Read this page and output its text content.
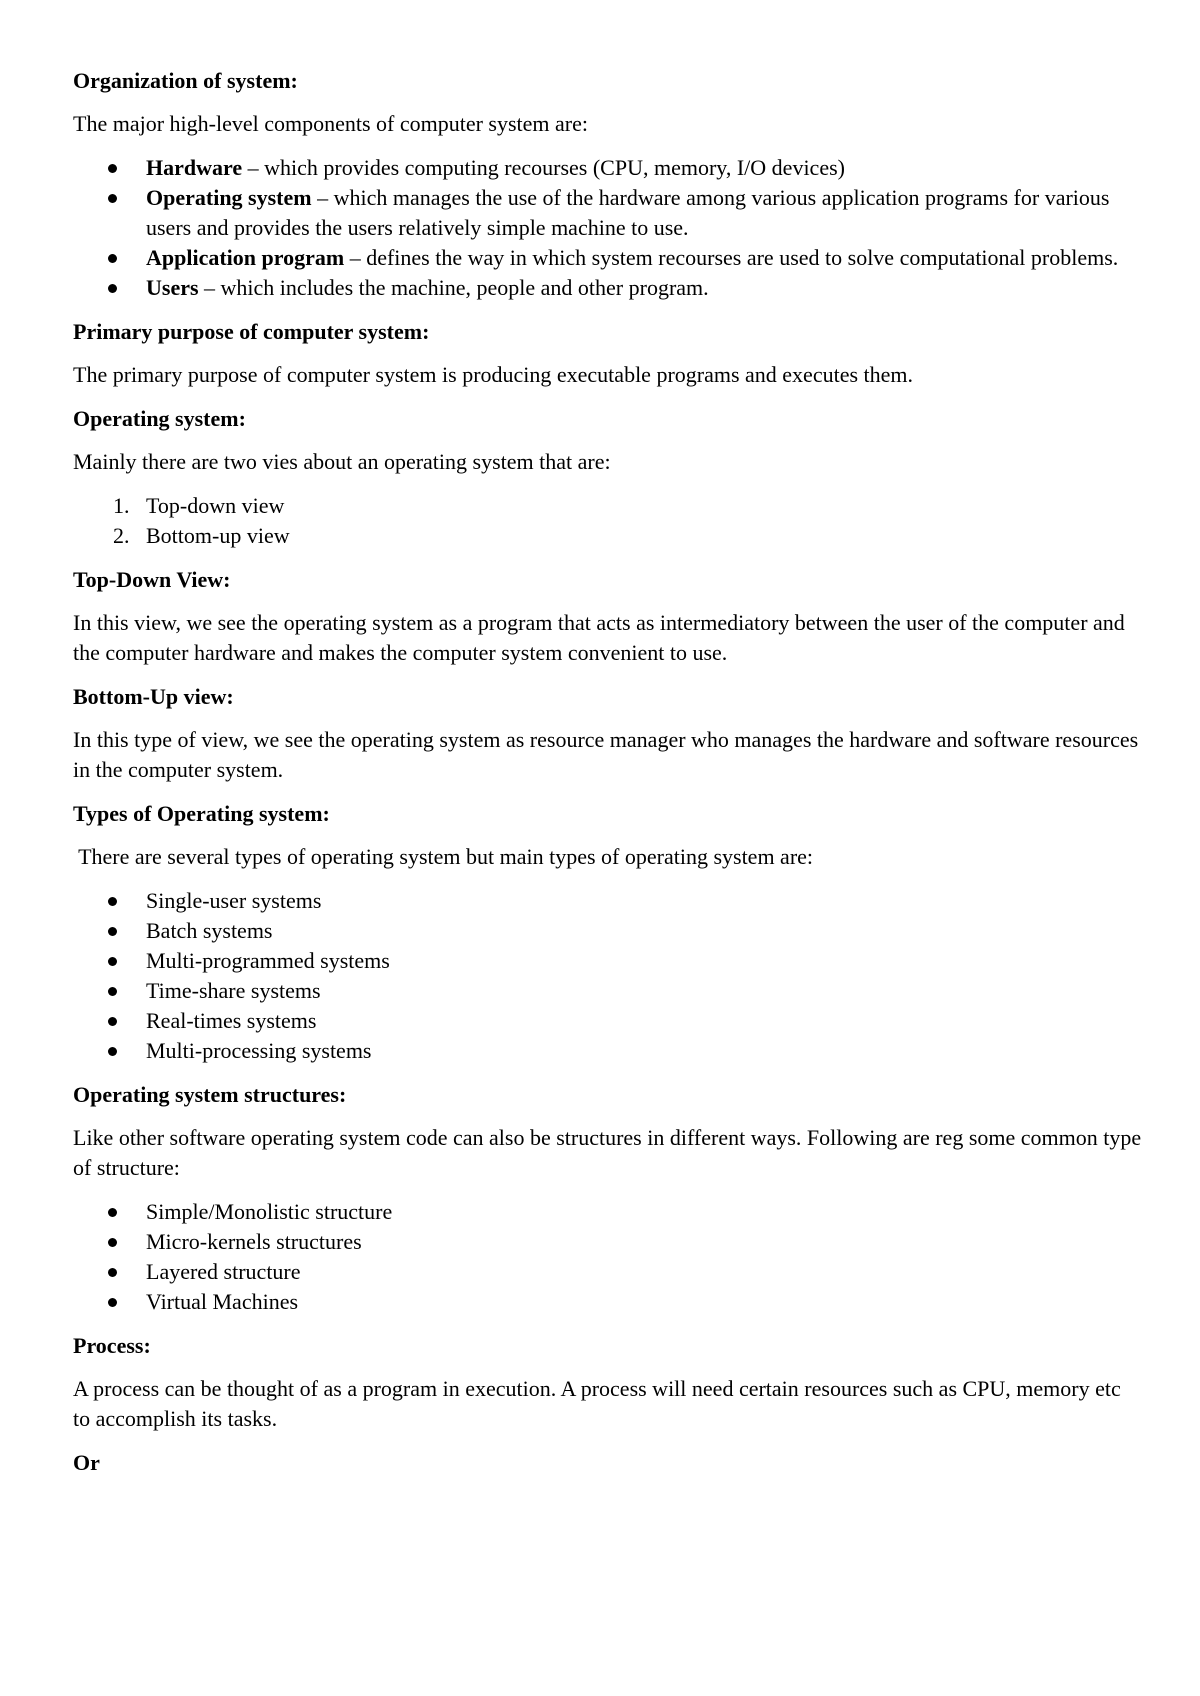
Organization of system:
The major high-level components of computer system are:
Hardware – which provides computing recourses (CPU, memory, I/O devices)
Operating system – which manages the use of the hardware among various application programs for various users and provides the users relatively simple machine to use.
Application program – defines the way in which system recourses are used to solve computational problems.
Users – which includes the machine, people and other program.
Primary purpose of computer system:
The primary purpose of computer system is producing executable programs and executes them.
Operating system:
Mainly there are two vies about an operating system that are:
1. Top-down view
2. Bottom-up view
Top-Down View:
In this view, we see the operating system as a program that acts as intermediatory between the user of the computer and the computer hardware and makes the computer system convenient to use.
Bottom-Up view:
In this type of view, we see the operating system as resource manager who manages the hardware and software resources in the computer system.
Types of Operating system:
There are several types of operating system but main types of operating system are:
Single-user systems
Batch systems
Multi-programmed systems
Time-share systems
Real-times systems
Multi-processing systems
Operating system structures:
Like other software operating system code can also be structures in different ways. Following are reg some common type of structure:
Simple/Monolistic structure
Micro-kernels structures
Layered structure
Virtual Machines
Process:
A process can be thought of as a program in execution. A process will need certain resources such as CPU, memory etc to accomplish its tasks.
Or
